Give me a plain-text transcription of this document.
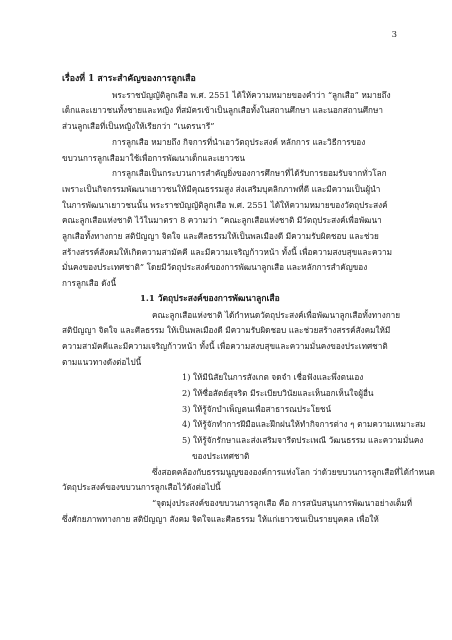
3
เรื่องที่ 1 สาระสำคัญของการลูกเสือ
พระราชบัญญัติลูกเสือ พ.ศ. 2551 ได้ให้ความหมายของคำว่า “ลูกเสือ” หมายถึง
เด็กและเยาวชนทั้งชายและหญิง ที่สมัครเข้าเป็นลูกเสือทั้งในสถานศึกษา และนอกสถานศึกษา
ส่วนลูกเสือที่เป็นหญิงให้เรียกว่า “เนตรนารี”
การลูกเสือ หมายถึง กิจการที่นำเอาวัตถุประสงค์ หลักการ และวิธีการของ
ขบวนการลูกเสือมาใช้เพื่อการพัฒนาเด็กและเยาวชน
การลูกเสือเป็นกระบวนการสำคัญยิ่งของการศึกษาที่ได้รับการยอมรับจากทั่วโลก
เพราะเป็นกิจกรรมพัฒนาเยาวชนให้มีคุณธรรมสูง ส่งเสริมบุคลิกภาพที่ดี และมีความเป็นผู้นำ
ในการพัฒนาเยาวชนนั้น พระราชบัญญัติลูกเสือ พ.ศ. 2551 ได้ให้ความหมายของวัตถุประสงค์
คณะลูกเสือแห่งชาติ ไว้ในมาตรา 8 ความว่า “คณะลูกเสือแห่งชาติ มีวัตถุประสงค์เพื่อพัฒนา
ลูกเสือทั้งทางกาย สติปัญญา จิตใจ และศีลธรรมให้เป็นพลเมืองดี มีความรับผิดชอบ และช่วย
สร้างสรรค์สังคมให้เกิดความสามัคคี และมีความเจริญก้าวหน้า ทั้งนี้ เพื่อความสงบสุขและความ
มั่นคงของประเทศชาติ” โดยมีวัตถุประสงค์ของการพัฒนาลูกเสือ และหลักการสำคัญของ
การลูกเสือ ดังนี้
1.1 วัตถุประสงค์ของการพัฒนาลูกเสือ
คณะลูกเสือแห่งชาติ ได้กำหนดวัตถุประสงค์เพื่อพัฒนาลูกเสือทั้งทางกาย
สติปัญญา จิตใจ และศีลธรรม ให้เป็นพลเมืองดี มีความรับผิดชอบ และช่วยสร้างสรรค์สังคมให้มี
ความสามัคคีและมีความเจริญก้าวหน้า ทั้งนี้ เพื่อความสงบสุขและความมั่นคงของประเทศชาติ
ตามแนวทางดังต่อไปนี้
1) ให้มีนิสัยในการสังเกต จดจำ เชื่อฟังและพึ่งตนเอง
2) ให้ซื่อสัตย์สุจริต มีระเบียบวินัยและเห็นอกเห็นใจผู้อื่น
3) ให้รู้จักบำเพ็ญตนเพื่อสาธารณประโยชน์
4) ให้รู้จักทำการฝีมือและฝึกฝนให้ทำกิจการต่าง ๆ ตามความเหมาะสม
5) ให้รู้จักรักษาและส่งเสริมจารีตประเพณี วัฒนธรรม และความมั่นคง
ของประเทศชาติ
ซึ่งสอดคล้องกับธรรมนูญขององค์การแห่งโลก ว่าด้วยขบวนการลูกเสือที่ได้กำหนด
วัตถุประสงค์ของขบวนการลูกเสือไว้ดังต่อไปนี้
“จุดมุ่งประสงค์ของขบวนการลูกเสือ คือ การสนับสนุนการพัฒนาอย่างเต็มที่
ซึ่งศักยภาพทางกาย สติปัญญา สังคม จิตใจและศีลธรรม ให้แก่เยาวชนเป็นรายบุคคล เพื่อให้
